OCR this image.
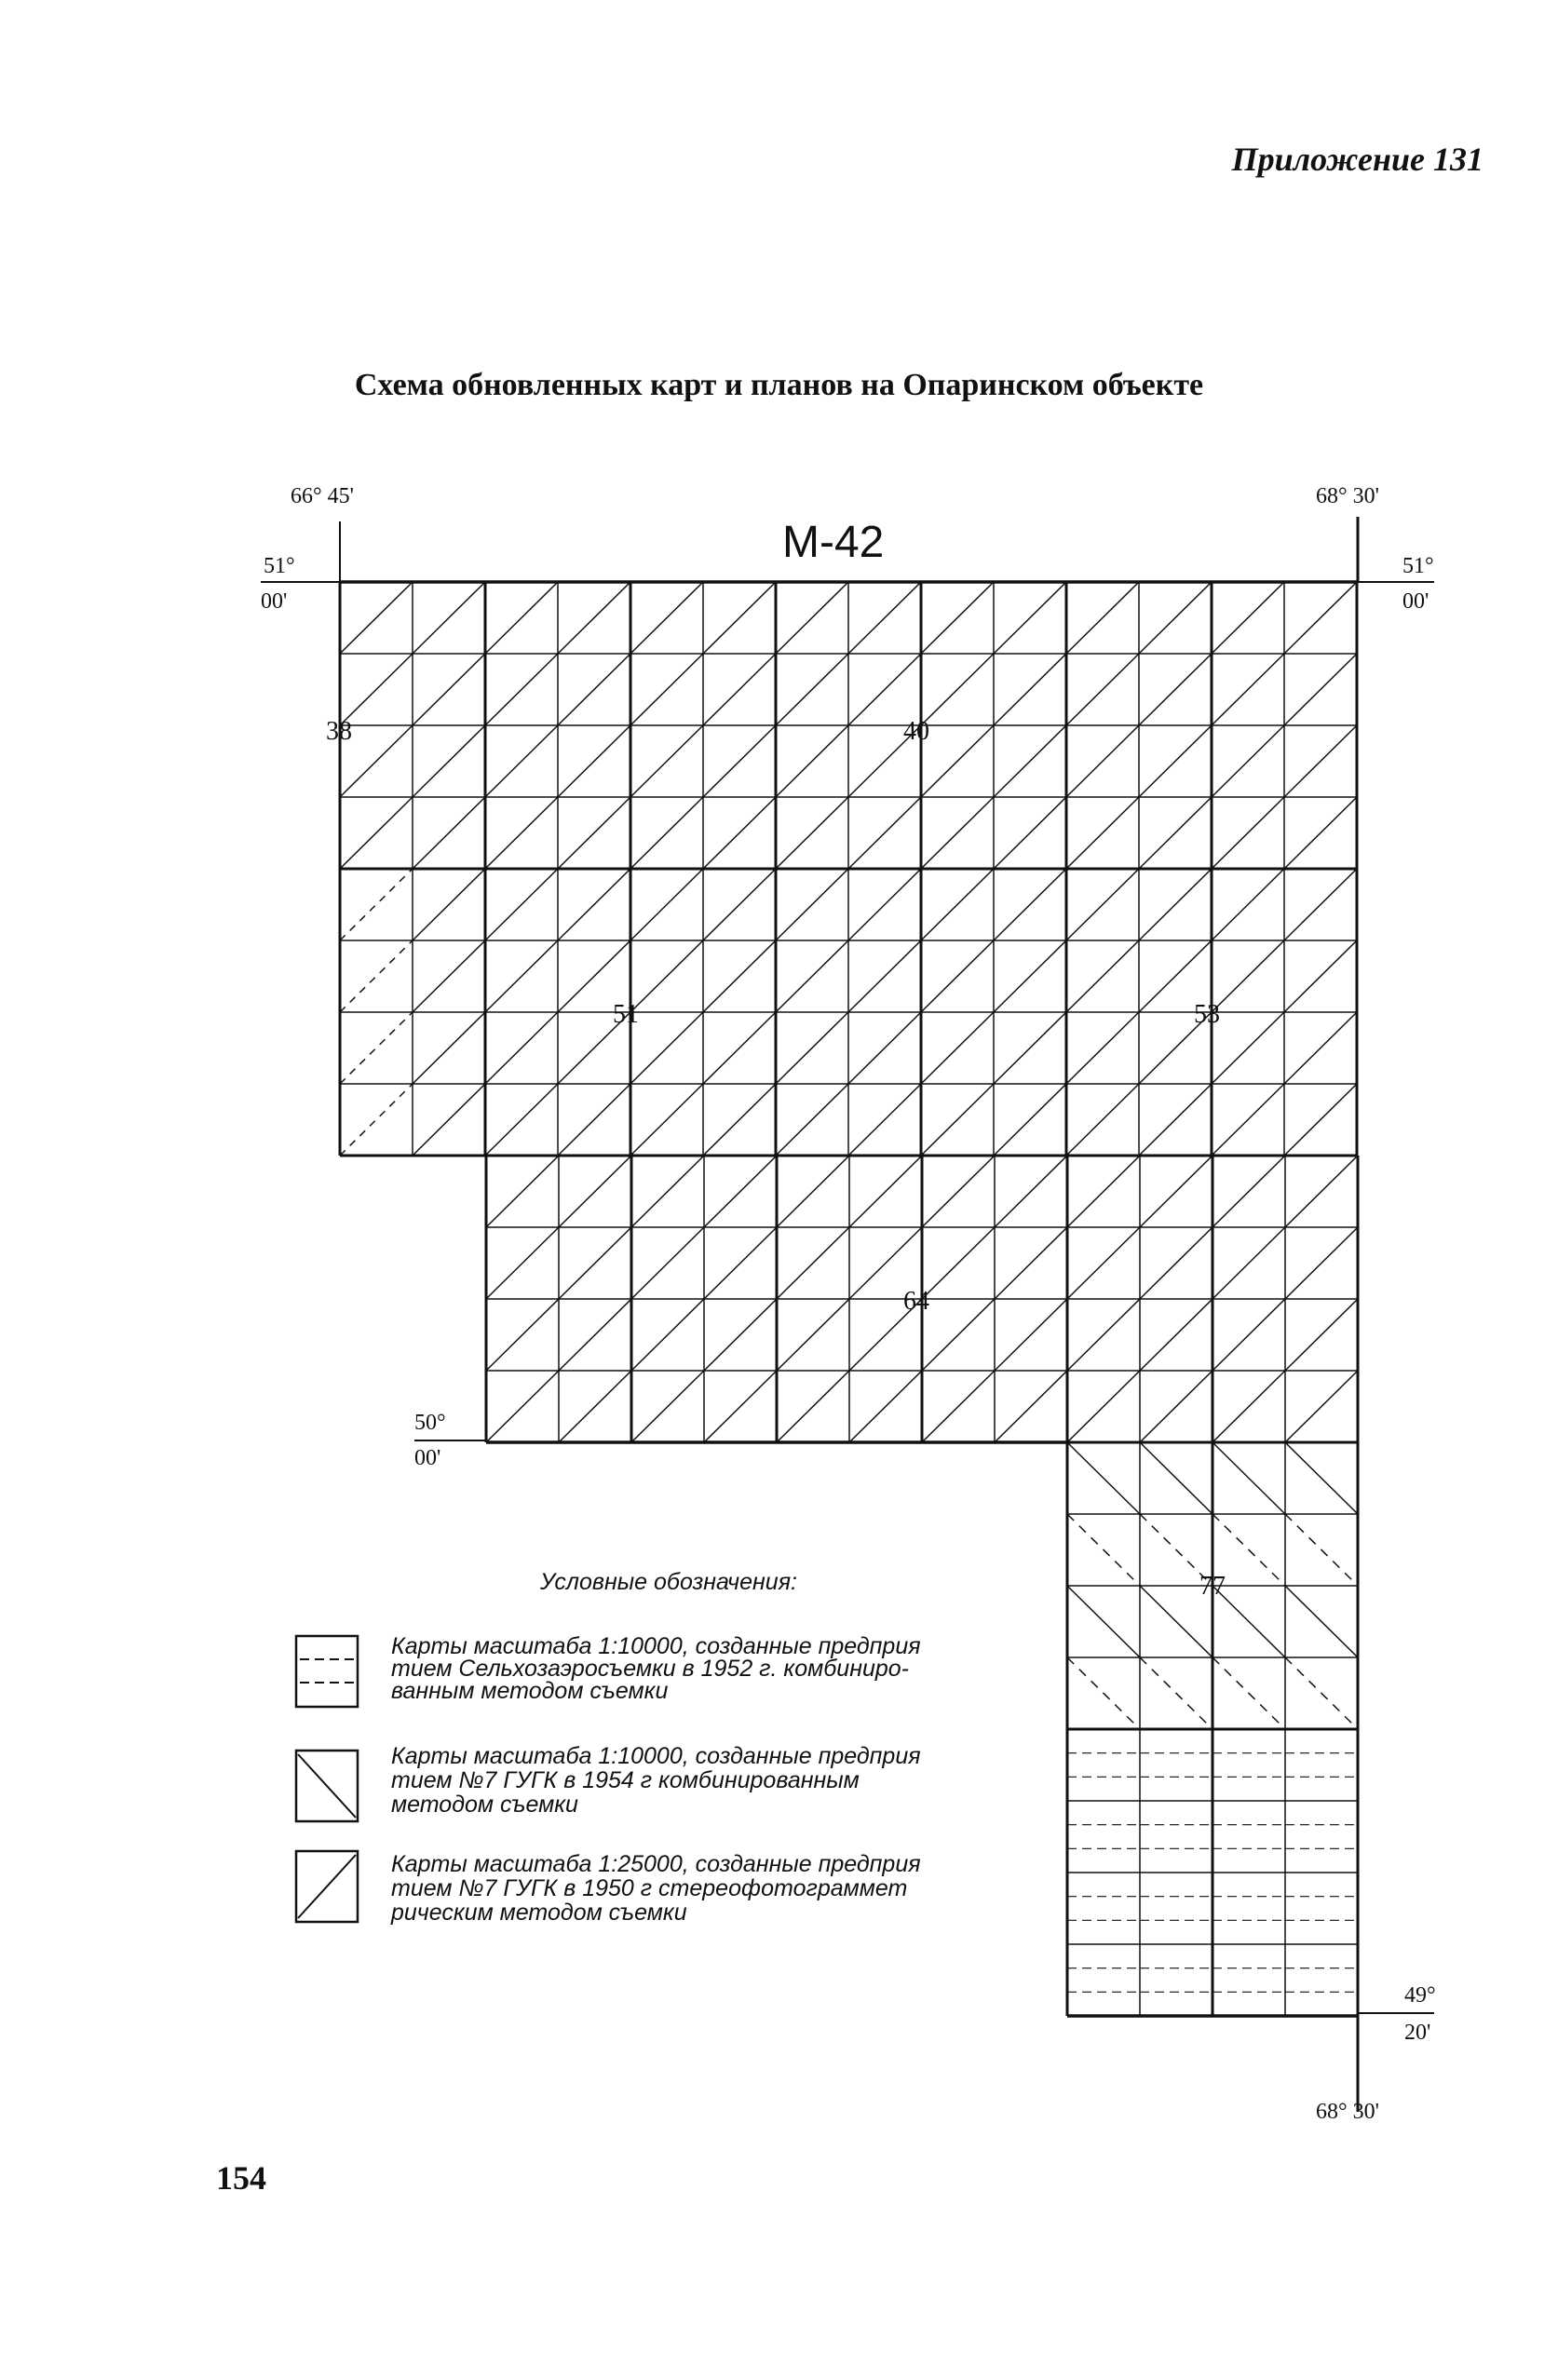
Приложение 131
Схема обновленных карт и планов на Опаринском объекте
154
66° 45'	68° 30'
51°
00'
51°
00'
50°
00'
49°
20'
68° 30'
М-42
38	40
51	53
64
77
Условные обозначения:
Карты масштаба 1:10000, созданные предприя
тием Сельхозаэросъемки в 1952 г. комбиниро-
ванным методом съемки
Карты масштаба 1:10000, созданные предприя
тием №7 ГУГК в 1954 г комбинированным
методом съемки
Карты масштаба 1:25000, созданные предприя
тием №7 ГУГК в 1950 г стереофотограммет
рическим методом съемки
